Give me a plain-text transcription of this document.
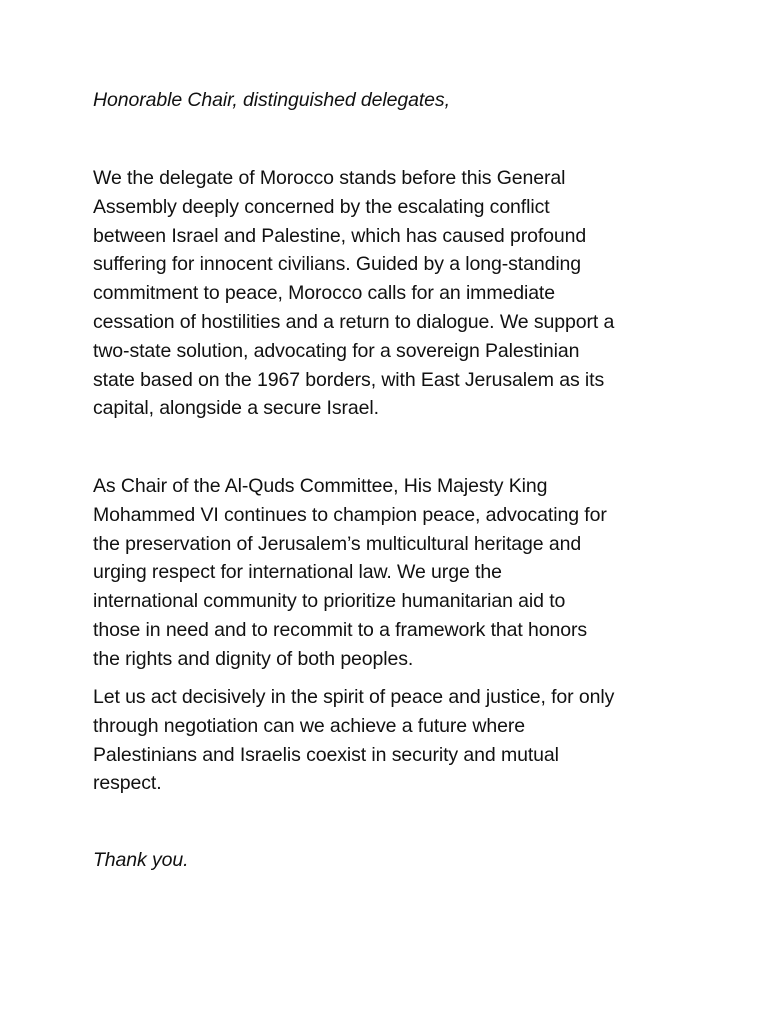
Honorable Chair, distinguished delegates,

We the delegate of Morocco stands before this General
Assembly deeply concerned by the escalating conflict
between Israel and Palestine, which has caused profound
suffering for innocent civilians. Guided by a long-standing
commitment to peace, Morocco calls for an immediate
cessation of hostilities and a return to dialogue. We support a
two-state solution, advocating for a sovereign Palestinian
state based on the 1967 borders, with East Jerusalem as its
capital, alongside a secure Israel.

As Chair of the Al-Quds Committee, His Majesty King
Mohammed VI continues to champion peace, advocating for
the preservation of Jerusalem’s multicultural heritage and
urging respect for international law. We urge the
international community to prioritize humanitarian aid to
those in need and to recommit to a framework that honors
the rights and dignity of both peoples.

Let us act decisively in the spirit of peace and justice, for only
through negotiation can we achieve a future where
Palestinians and Israelis coexist in security and mutual
respect.

Thank you.
